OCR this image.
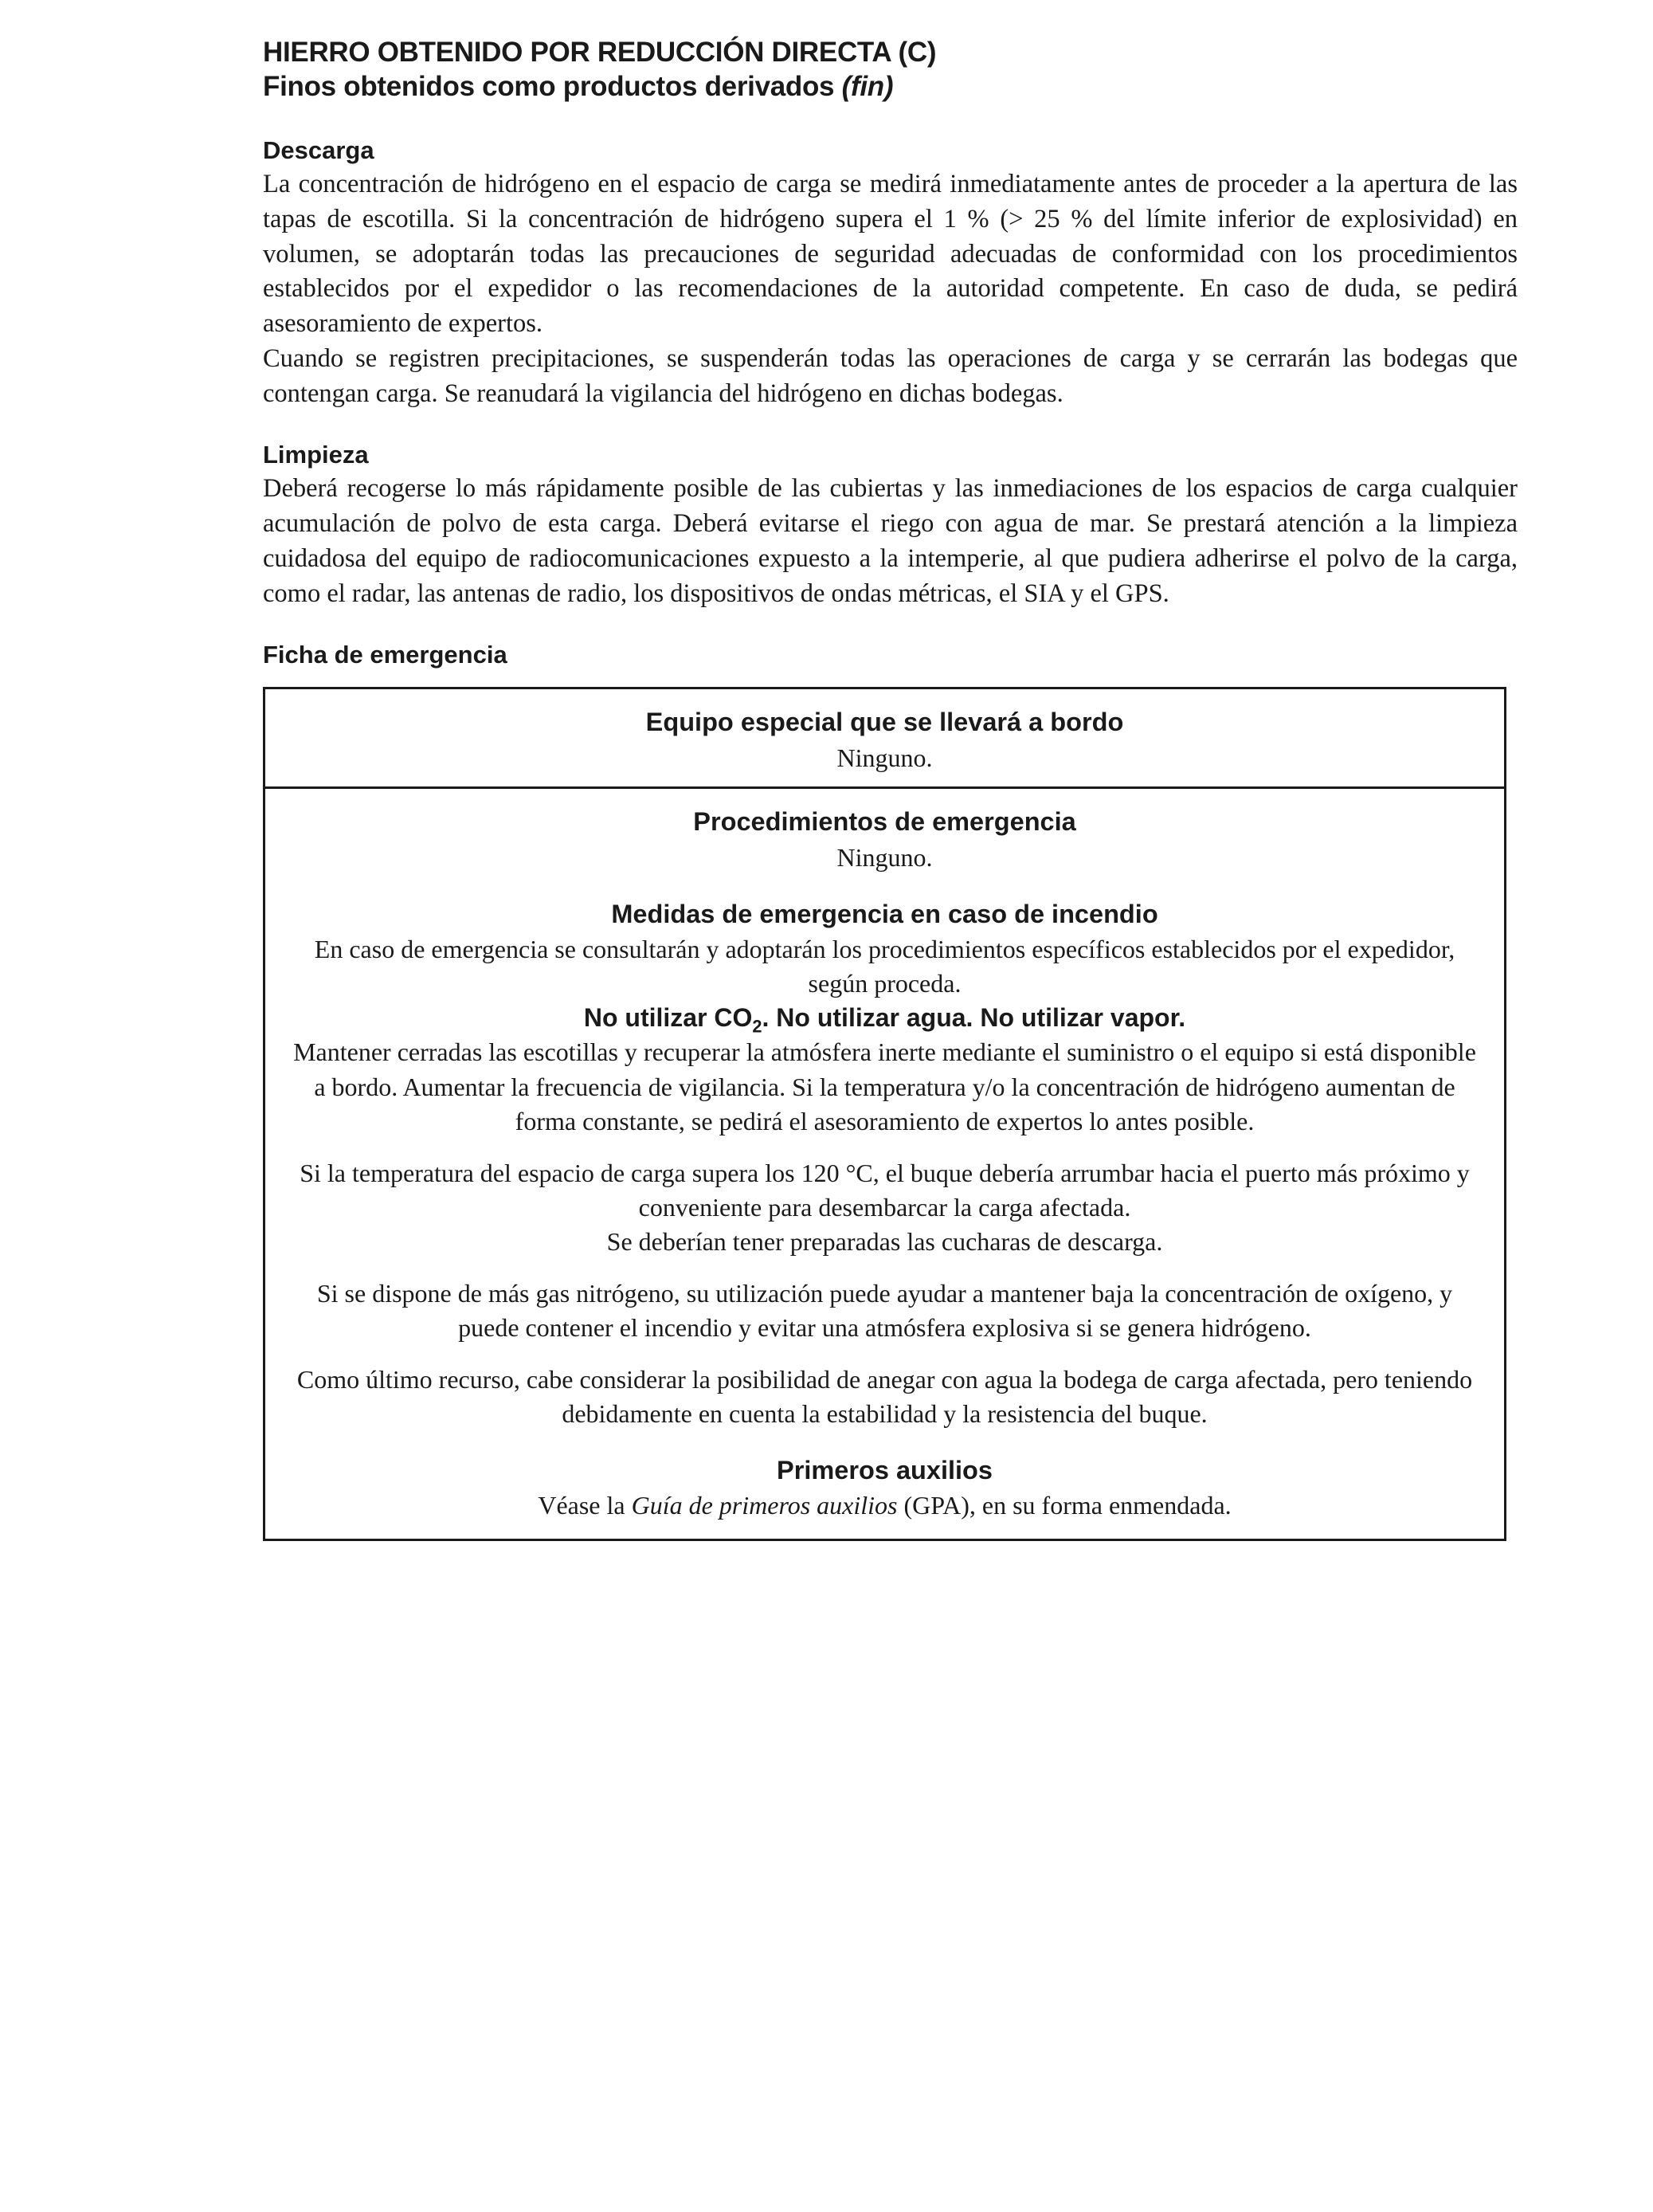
HIERRO OBTENIDO POR REDUCCIÓN DIRECTA (C)
Finos obtenidos como productos derivados (fin)
Descarga

La concentración de hidrógeno en el espacio de carga se medirá inmediatamente antes de proceder a la apertura de las tapas de escotilla. Si la concentración de hidrógeno supera el 1 % (> 25 % del límite inferior de explosividad) en volumen, se adoptarán todas las precauciones de seguridad adecuadas de conformidad con los procedimientos establecidos por el expedidor o las recomendaciones de la autoridad competente. En caso de duda, se pedirá asesoramiento de expertos.

Cuando se registren precipitaciones, se suspenderán todas las operaciones de carga y se cerrarán las bodegas que contengan carga. Se reanudará la vigilancia del hidrógeno en dichas bodegas.

Limpieza

Deberá recogerse lo más rápidamente posible de las cubiertas y las inmediaciones de los espacios de carga cualquier acumulación de polvo de esta carga. Deberá evitarse el riego con agua de mar. Se prestará atención a la limpieza cuidadosa del equipo de radiocomunicaciones expuesto a la intemperie, al que pudiera adherirse el polvo de la carga, como el radar, las antenas de radio, los dispositivos de ondas métricas, el SIA y el GPS.

Ficha de emergencia
Equipo especial que se llevará a bordo

Ninguno.

Procedimientos de emergencia

Ninguno.

Medidas de emergencia en caso de incendio

En caso de emergencia se consultarán y adoptarán los procedimientos específicos establecidos por el expedidor, según proceda.

No utilizar $CO_2$. No utilizar agua. No utilizar vapor.

Mantener cerradas las escotillas y recuperar la atmósfera inerte mediante el suministro o el equipo si está disponible a bordo. Aumentar la frecuencia de vigilancia. Si la temperatura y/o la concentración de hidrógeno aumentan de forma constante, se pedirá el asesoramiento de expertos lo antes posible.

Si la temperatura del espacio de carga supera los 120 °C, el buque debería arrumbar hacia el puerto más próximo y conveniente para desembarcar la carga afectada.

Se deberían tener preparadas las cucharas de descarga.

Si se dispone de más gas nitrógeno, su utilización puede ayudar a mantener baja la concentración de oxígeno, y puede contener el incendio y evitar una atmósfera explosiva si se genera hidrógeno.

Como último recurso, cabe considerar la posibilidad de anegar con agua la bodega de carga afectada, pero teniendo debidamente en cuenta la estabilidad y la resistencia del buque.

Primeros auxilios

Véase la Guía de primeros auxilios (GPA), en su forma enmendada.
